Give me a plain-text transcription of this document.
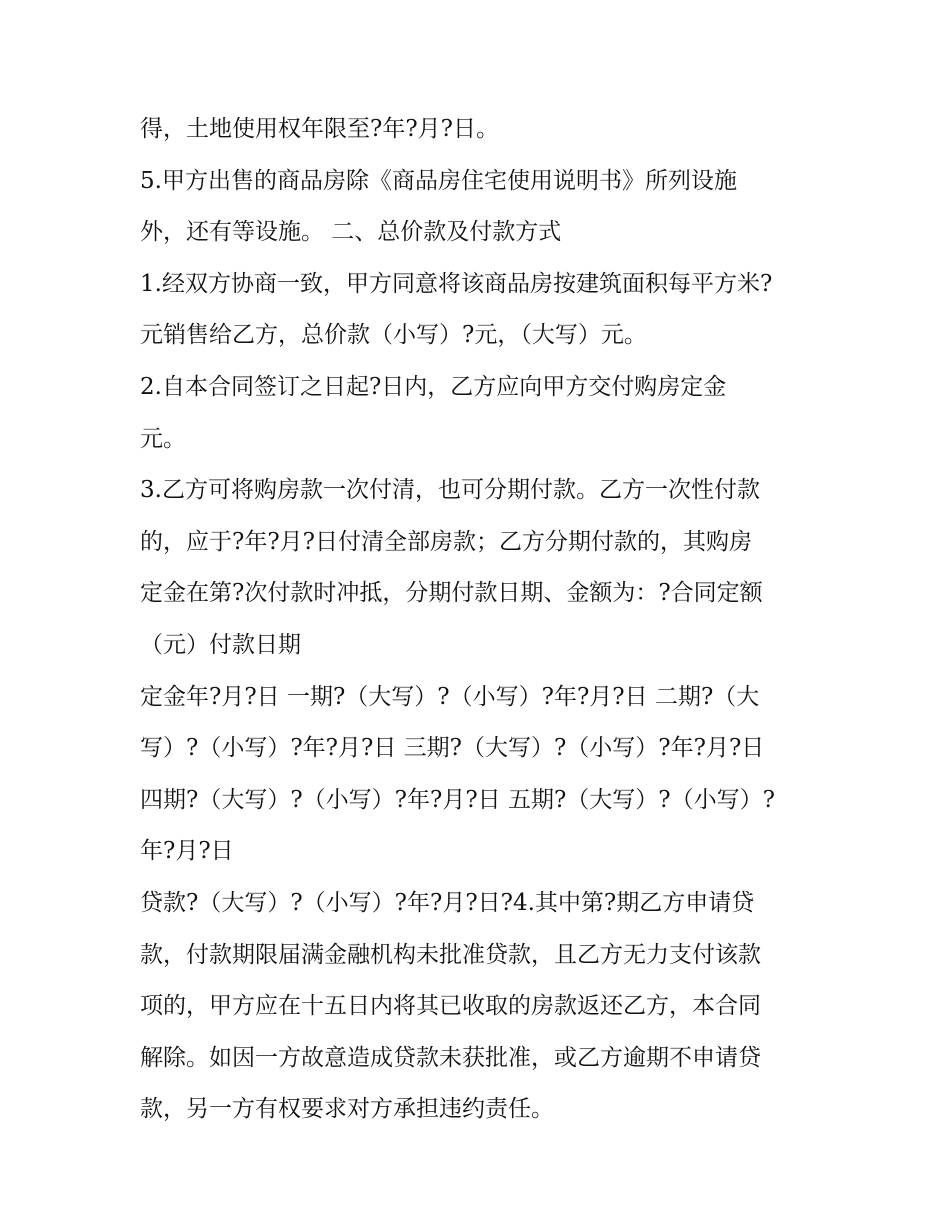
得，土地使用权年限至?年?月?日。
5.甲方出售的商品房除《商品房住宅使用说明书》所列设施
外，还有等设施。 二、总价款及付款方式
1.经双方协商一致，甲方同意将该商品房按建筑面积每平方米?
元销售给乙方，总价款（小写）?元，（大写）元。
2.自本合同签订之日起?日内，乙方应向甲方交付购房定金
元。
3.乙方可将购房款一次付清，也可分期付款。乙方一次性付款
的，应于?年?月?日付清全部房款；乙方分期付款的，其购房
定金在第?次付款时冲抵，分期付款日期、金额为：?合同定额
（元）付款日期
定金年?月?日 一期?（大写）?（小写）?年?月?日 二期?（大
写）?（小写）?年?月?日 三期?（大写）?（小写）?年?月?日
四期?（大写）?（小写）?年?月?日 五期?（大写）?（小写）?
年?月?日
贷款?（大写）?（小写）?年?月?日?4.其中第?期乙方申请贷
款，付款期限届满金融机构未批准贷款，且乙方无力支付该款
项的，甲方应在十五日内将其已收取的房款返还乙方，本合同
解除。如因一方故意造成贷款未获批准，或乙方逾期不申请贷
款，另一方有权要求对方承担违约责任。
